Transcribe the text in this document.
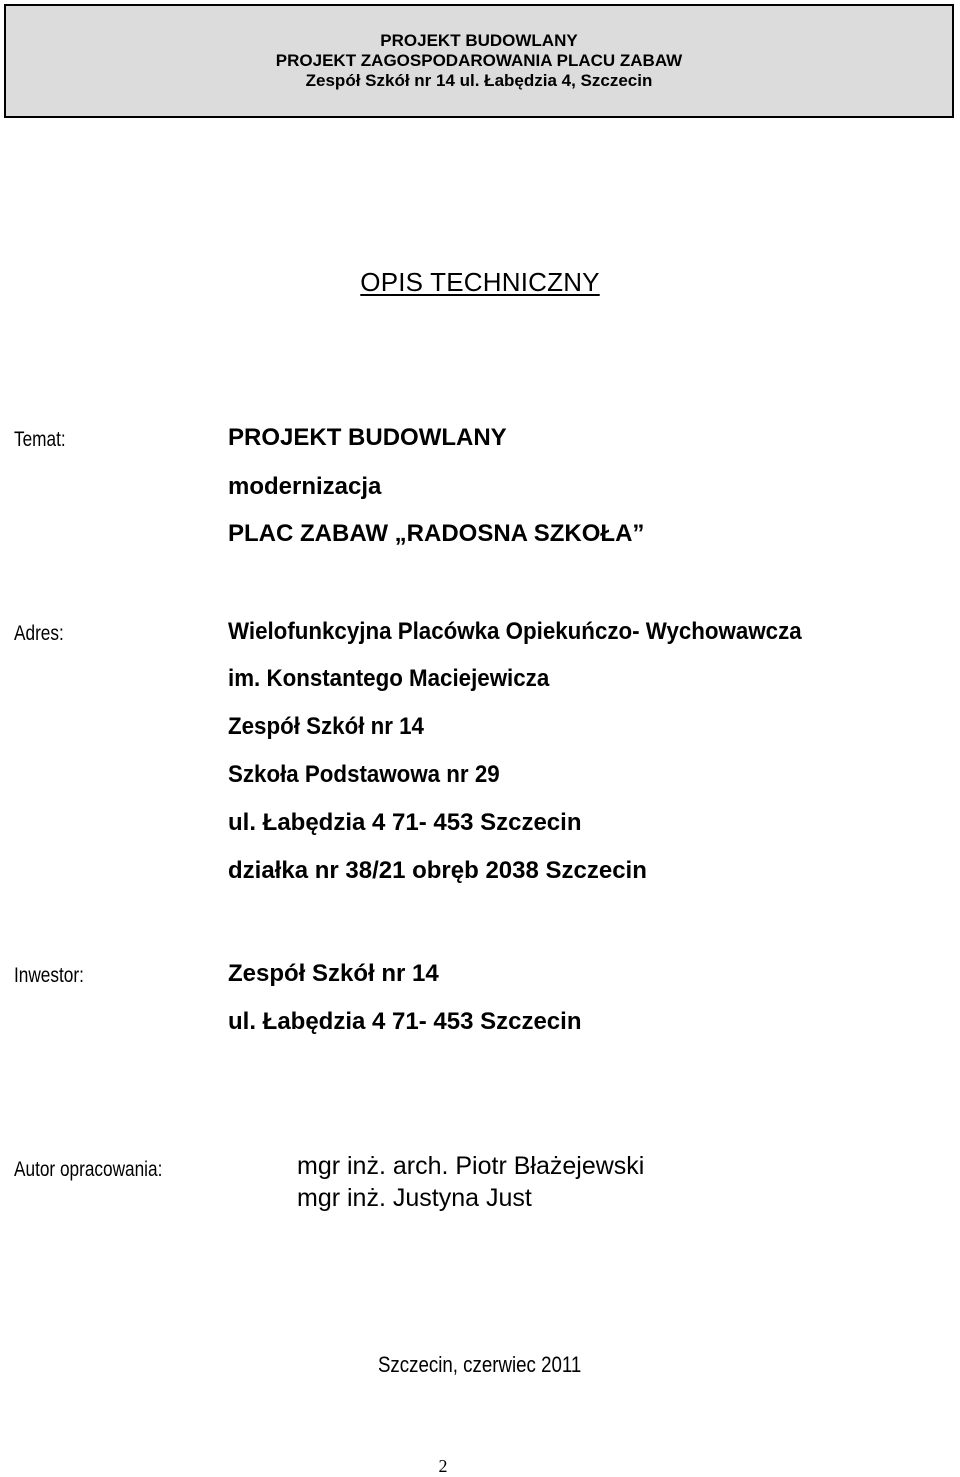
PROJEKT BUDOWLANY
PROJEKT ZAGOSPODAROWANIA PLACU ZABAW
Zespół Szkół nr 14 ul. Łabędzia 4, Szczecin
OPIS TECHNICZNY
Temat:	PROJEKT BUDOWLANY
modernizacja
PLAC ZABAW „RADOSNA SZKOŁA”
Adres:	Wielofunkcyjna Placówka Opiekuńczo- Wychowawcza
im. Konstantego Maciejewicza
Zespół Szkół nr 14
Szkoła Podstawowa nr 29
ul. Łabędzia 4 71- 453 Szczecin
działka nr 38/21 obręb 2038 Szczecin
Inwestor:	Zespół Szkół nr 14
ul. Łabędzia 4 71- 453 Szczecin
Autor opracowania:	mgr inż. arch. Piotr Błażejewski
mgr inż. Justyna Just
Szczecin, czerwiec 2011
2
